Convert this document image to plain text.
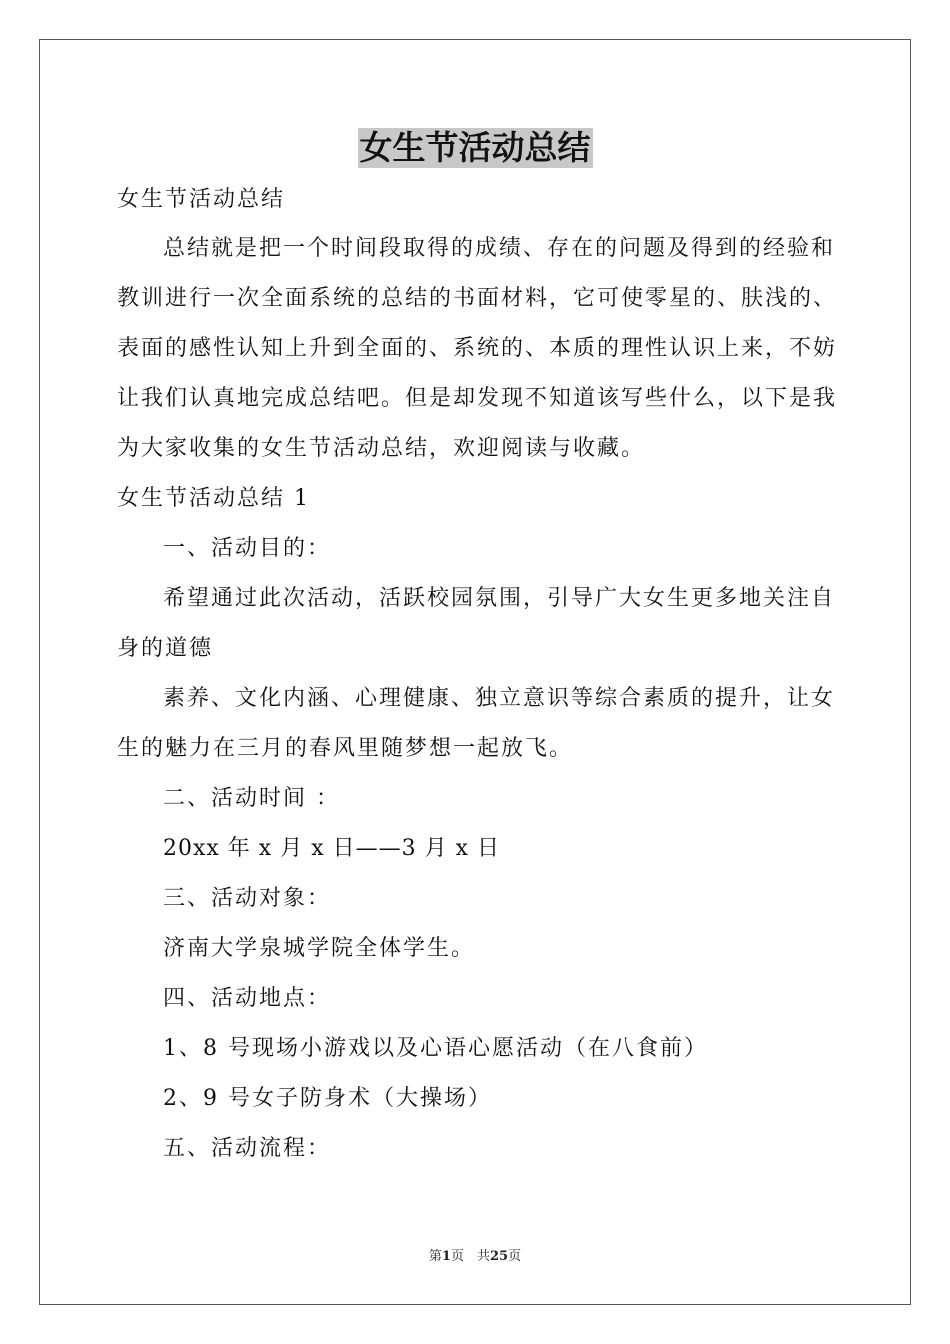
女生节活动总结
女生节活动总结
总结就是把一个时间段取得的成绩、存在的问题及得到的经验和
教训进行一次全面系统的总结的书面材料，它可使零星的、肤浅的、
表面的感性认知上升到全面的、系统的、本质的理性认识上来，不妨
让我们认真地完成总结吧。但是却发现不知道该写些什么，以下是我
为大家收集的女生节活动总结，欢迎阅读与收藏。
女生节活动总结 1
一、活动目的：
希望通过此次活动，活跃校园氛围，引导广大女生更多地关注自
身的道德
素养、文化内涵、心理健康、独立意识等综合素质的提升，让女
生的魅力在三月的春风里随梦想一起放飞。
二、活动时间 ：
20xx 年 x 月 x 日——3 月 x 日
三、活动对象：
济南大学泉城学院全体学生。
四、活动地点：
1、8 号现场小游戏以及心语心愿活动（在八食前）
2、9 号女子防身术（大操场）
五、活动流程：
第1页　共25页
